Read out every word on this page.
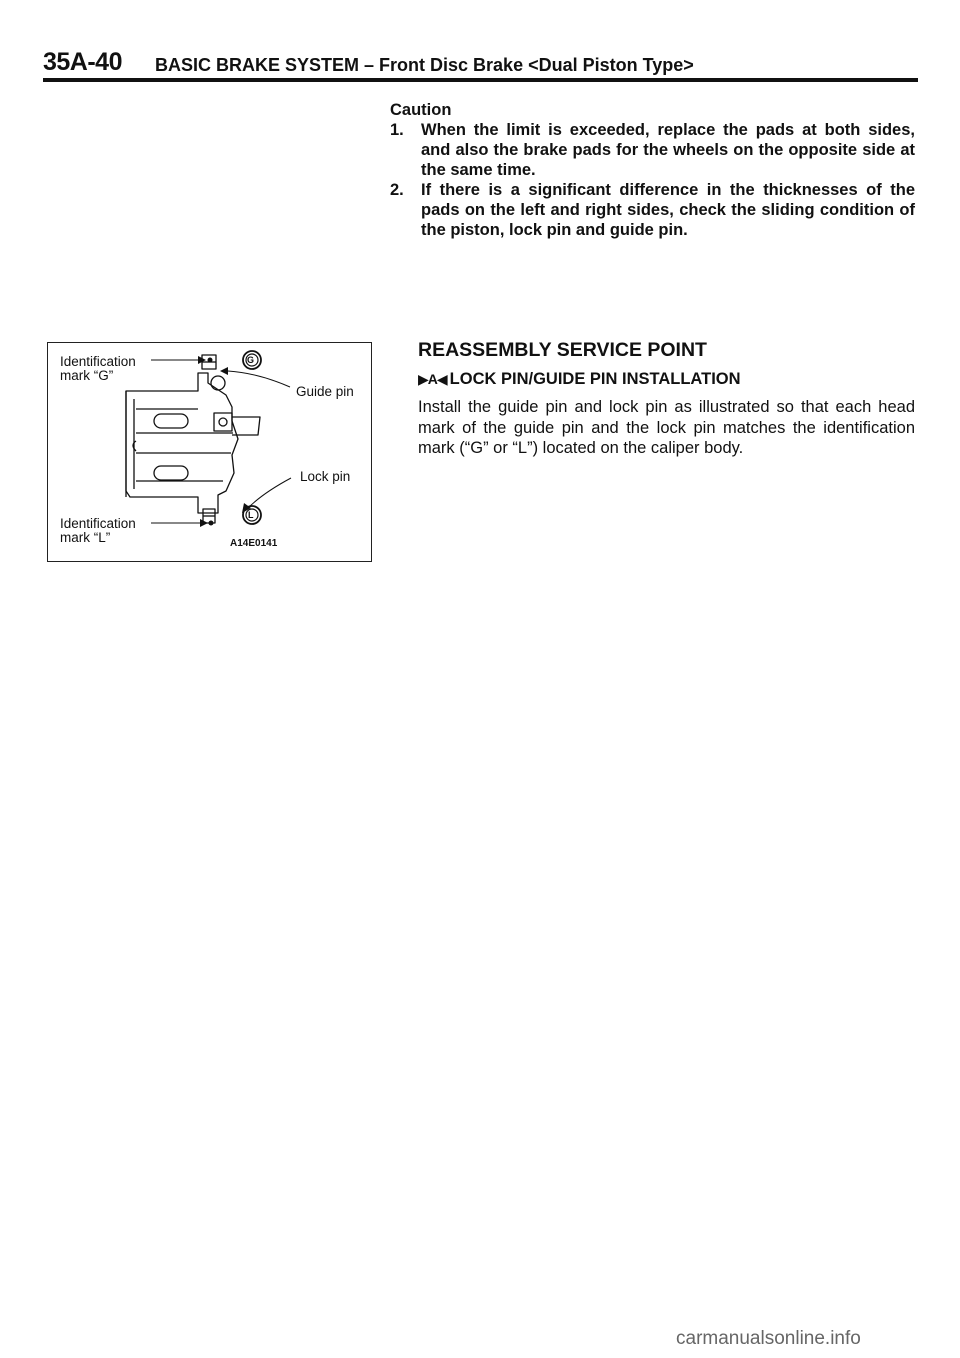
35A-40 BASIC BRAKE SYSTEM – Front Disc Brake <Dual Piston Type>
Caution
1. When the limit is exceeded, replace the pads at both sides, and also the brake pads for the wheels on the opposite side at the same time.
2. If there is a significant difference in the thicknesses of the pads on the left and right sides, check the sliding condition of the piston, lock pin and guide pin.
Identification
mark “G”
Guide pin
Lock pin
Identification
mark “L”
G
L
A14E0141
REASSEMBLY SERVICE POINT
▶A◀ LOCK PIN/GUIDE PIN INSTALLATION
Install the guide pin and lock pin as illustrated so that each head mark of the guide pin and the lock pin matches the identification mark (“G” or “L”) located on the caliper body.
carmanualsonline.info
